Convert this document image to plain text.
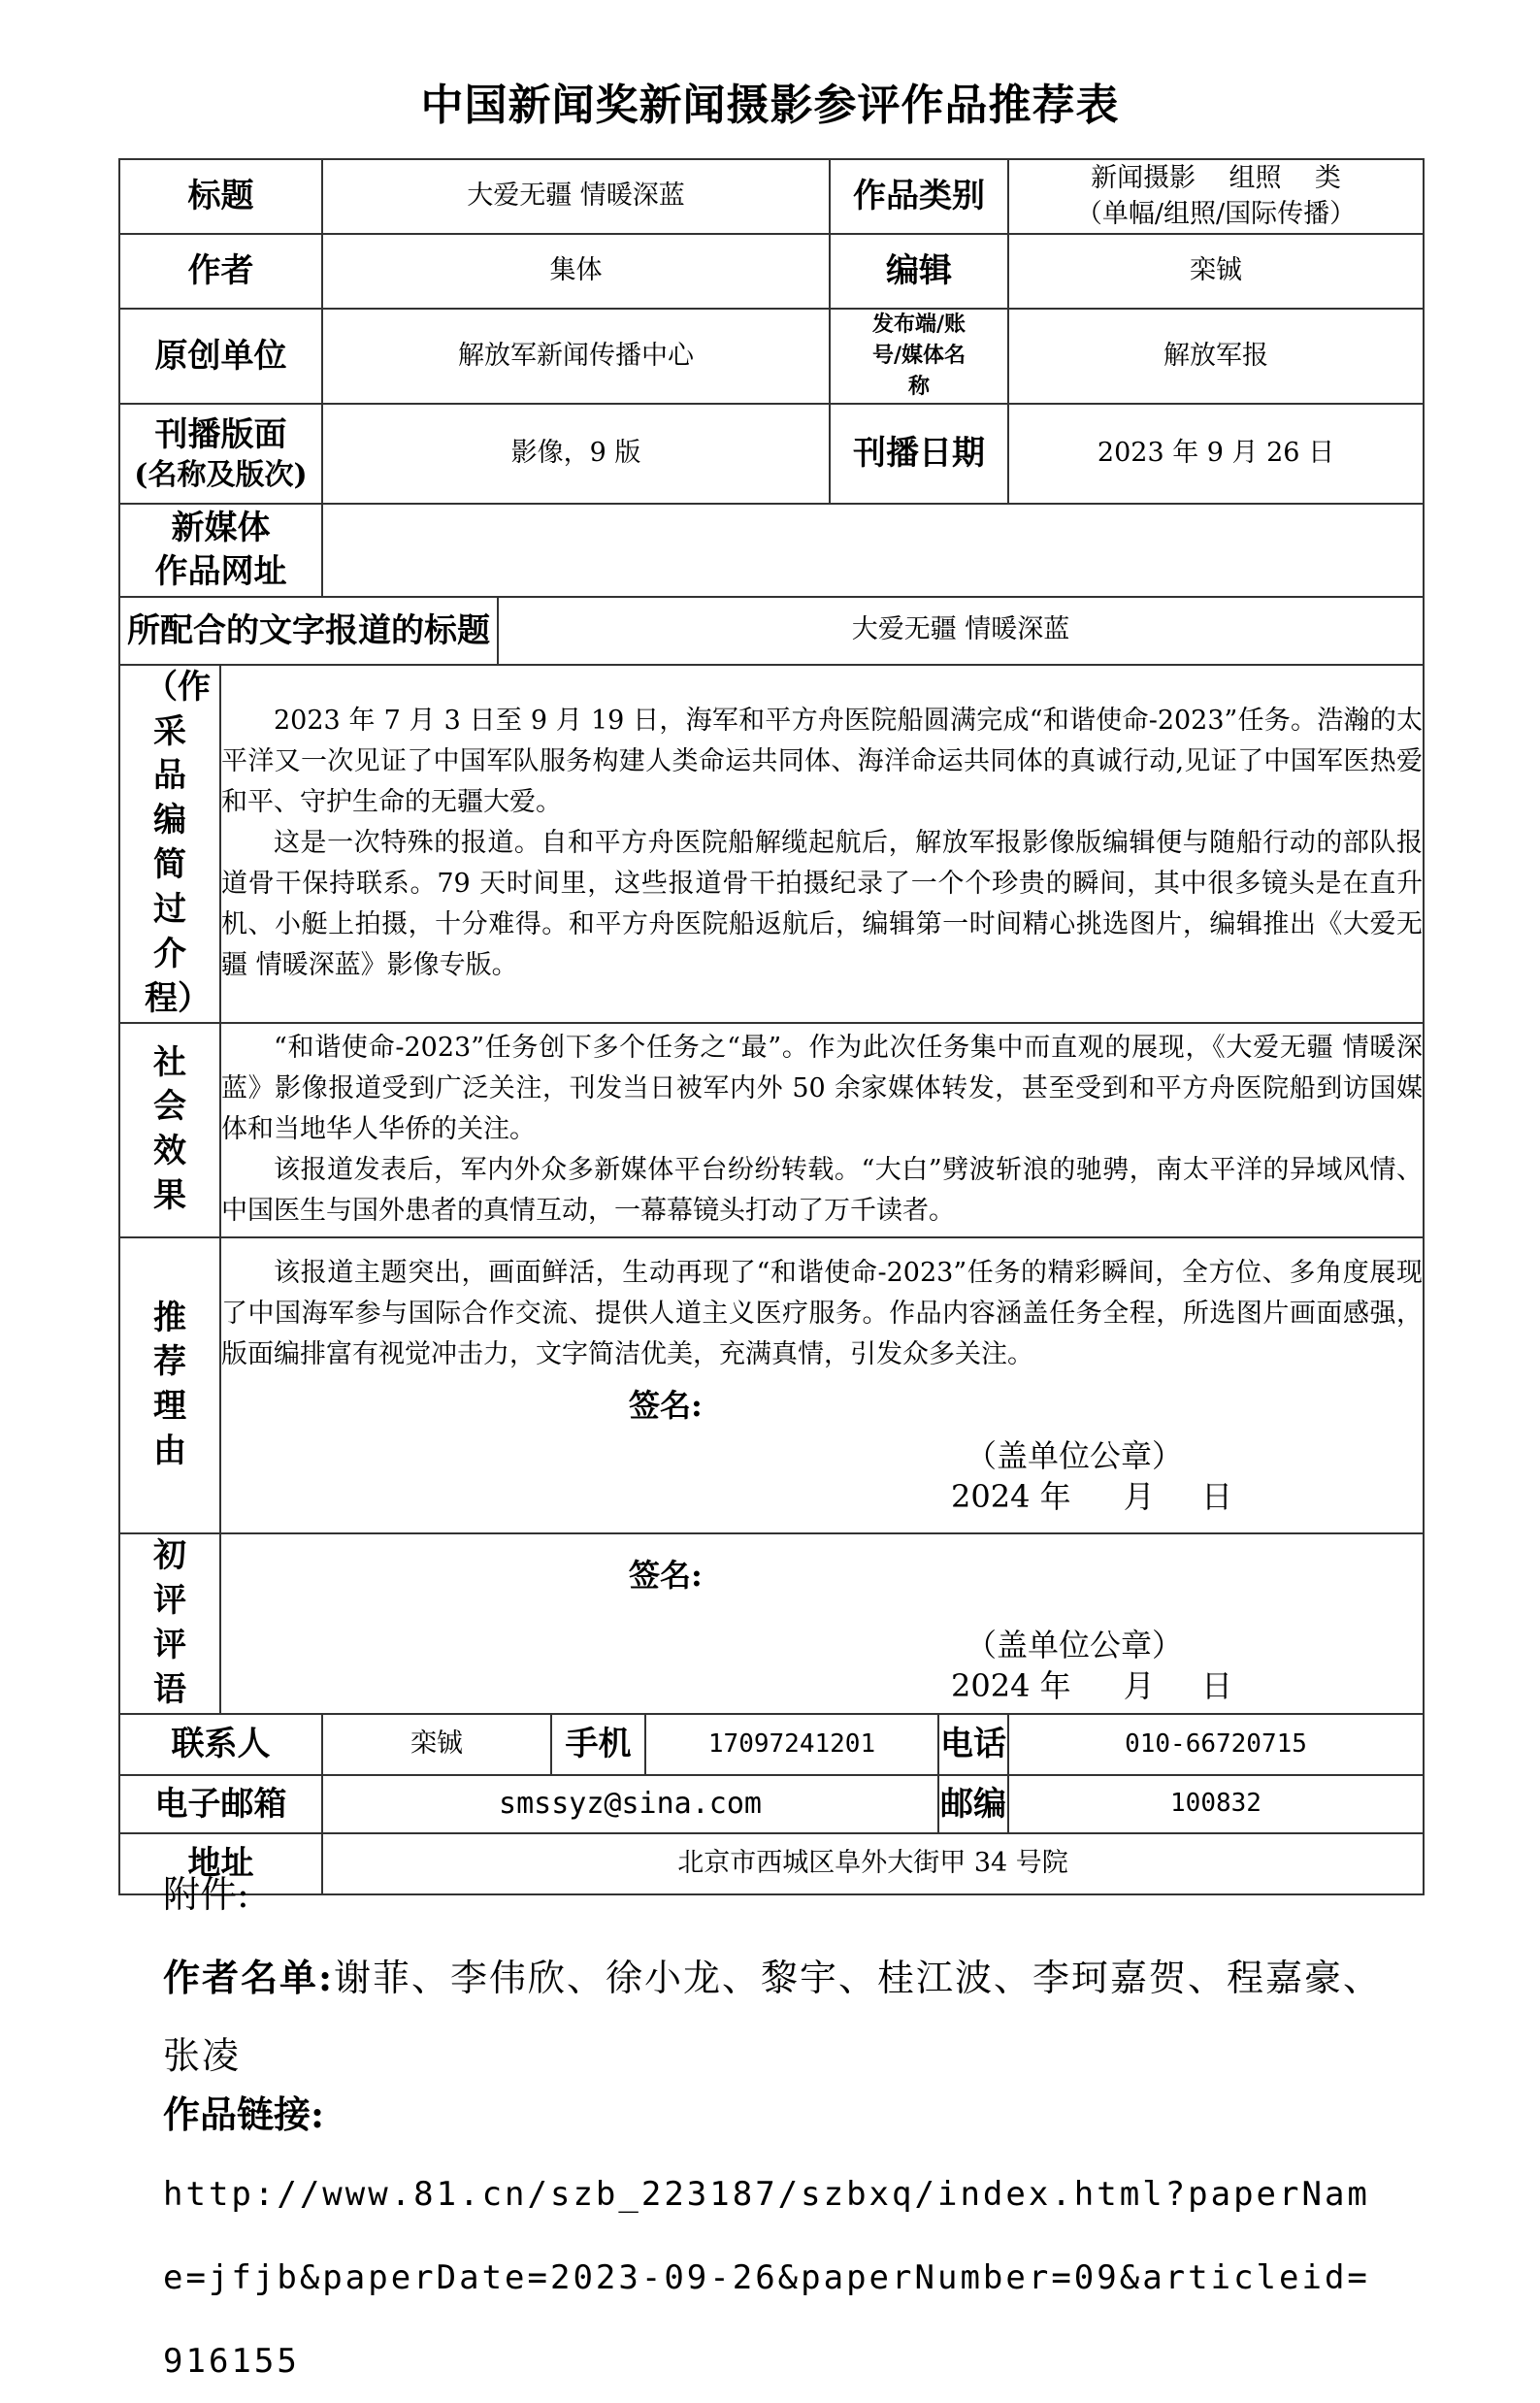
中国新闻奖新闻摄影参评作品推荐表
标题		大爱无疆 情暖深蓝				作品类别		新闻摄影    组照    类
（单幅/组照/国际传播）

作者		集体				编辑		栾铖
原创单位		解放军新闻传播中心				发布端/账号/媒体名称		解放军报

刊播版面
(名称及版次)		影像，9 版				刊播日期		2023 年 9 月 26 日

新媒体
作品网址								

所配合的文字报道的标题			大爱无疆 情暖深蓝					

（作采品编简过介程）	2023 年 7 月 3 日至 9 月 19 日，海军和平方舟医院船圆满完成“和谐使命-2023”任务。浩瀚的太平洋又一次见证了中国军队服务构建人类命运共同体、海洋命运共同体的真诚行动,见证了中国军医热爱和平、守护生命的无疆大爱。

这是一次特殊的报道。自和平方舟医院船解缆起航后，解放军报影像版编辑便与随船行动的部队报道骨干保持联系。79 天时间里，这些报道骨干拍摄纪录了一个个珍贵的瞬间，其中很多镜头是在直升机、小艇上拍摄，十分难得。和平方舟医院船返航后，编辑第一时间精心挑选图片，编辑推出《大爱无疆 情暖深蓝》影像专版。							

社会效果	“和谐使命-2023”任务创下多个任务之“最”。作为此次任务集中而直观的展现，《大爱无疆 情暖深蓝》影像报道受到广泛关注，刊发当日被军内外 50 余家媒体转发，甚至受到和平方舟医院船到访国媒体和当地华人华侨的关注。

该报道发表后，军内外众多新媒体平台纷纷转载。“大白”劈波斩浪的驰骋，南太平洋的异域风情、中国医生与国外患者的真情互动，一幕幕镜头打动了万千读者。							

推荐理由	该报道主题突出，画面鲜活，生动再现了“和谐使命-2023”任务的精彩瞬间，全方位、多角度展现了中国海军参与国际合作交流、提供人道主义医疗服务。作品内容涵盖任务全程，所选图片画面感强，版面编排富有视觉冲击力，文字简洁优美，充满真情，引发众多关注。

签名:
（盖单位公章）
2024 年 月 日							

初评评语	签名:
（盖单位公章）
2024 年 月 日							

联系人		栾铖		手机	17097241201		电话	010-66720715
电子邮箱		smssyz@sina.com					邮编	100832
地址		北京市西城区阜外大街甲 34 号院						
附件:
作者名单:谢菲、李伟欣、徐小龙、黎宇、桂江波、李珂嘉贺、程嘉豪、张凌
作品链接:
http://www.81.cn/szb_223187/szbxq/index.html?paperName=jfjb&paperDate=2023-09-26&paperNumber=09&articleid=916155
